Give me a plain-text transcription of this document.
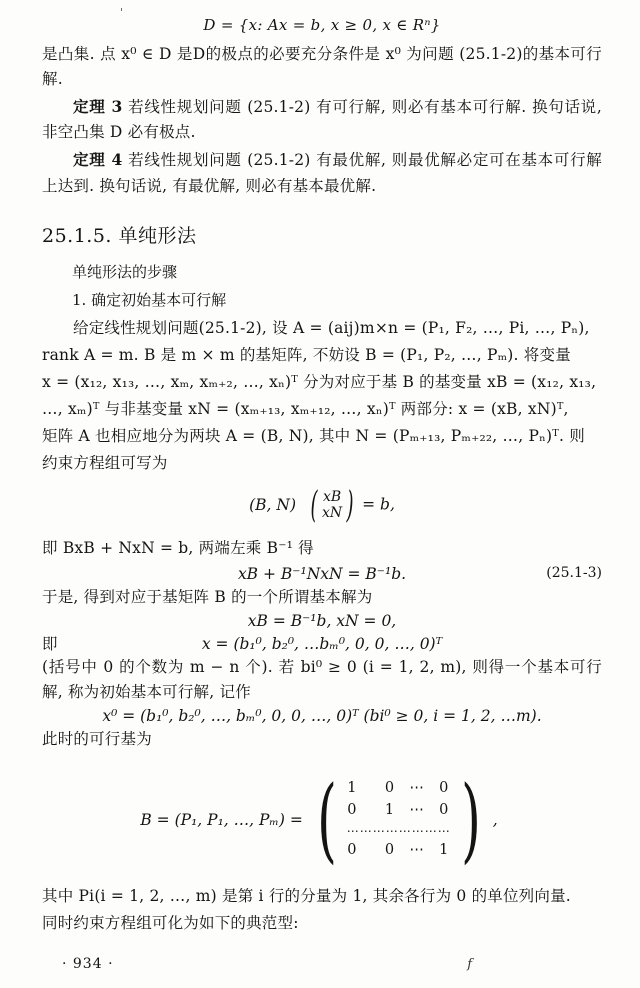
'
D = {x: Ax = b, x ≥ 0, x ∈ Rⁿ}

是凸集. 点 x⁰ ∈ D 是D的极点的必要充分条件是 x⁰ 为问题 (25.1-2)的基本可行解.

定理 3 若线性规划问题 (25.1-2) 有可行解, 则必有基本可行解. 换句话说, 非空凸集 D 必有极点.

定理 4 若线性规划问题 (25.1-2) 有最优解, 则最优解必定可在基本可行解上达到. 换句话说, 有最优解, 则必有基本最优解.

25.1.5. 单纯形法

单纯形法的步骤

1. 确定初始基本可行解

给定线性规划问题(25.1-2), 设 A = (aij)m×n = (P₁, F₂, …, Pi, …, Pₙ),

rank A = m. B 是 m × m 的基矩阵, 不妨设 B = (P₁, P₂, …, Pₘ). 将变量

x = (x₁₂, x₁₃, …, xₘ, xₘ₊₂, …, xₙ)ᵀ 分为对应于基 B 的基变量 xB = (x₁₂, x₁₃,

…, xₘ)ᵀ 与非基变量 xN = (xₘ₊₁₃, xₘ₊₁₂, …, xₙ)ᵀ 两部分: x = (xB, xN)ᵀ,

矩阵 A 也相应地分为两块 A = (B, N), 其中 N = (Pₘ₊₁₃, Pₘ₊₂₂, …, Pₙ)ᵀ. 则

约束方程组可写为

(B, N) ( xB
xN ) = b,

即 BxB + NxN = b, 两端左乘 B⁻¹ 得

xB + B⁻¹NxN = B⁻¹b.	(25.1-3)

于是, 得到对应于基矩阵 B 的一个所谓基本解为

xB = B⁻¹b, xN = 0,

即	x = (b₁⁰, b₂⁰, …bₘ⁰, 0, 0, …, 0)ᵀ

(括号中 0 的个数为 m − n 个). 若 bi⁰ ≥ 0 (i = 1, 2, m), 则得一个基本可行解, 称为初始基本可行解, 记作

x⁰ = (b₁⁰, b₂⁰, …, bₘ⁰, 0, 0, …, 0)ᵀ (bi⁰ ≥ 0, i = 1, 2, …m).

此时的可行基为

B = (P₁, P₁, …, Pₘ) = ( 1    0  ⋯  0
0    1  ⋯  0
⋯⋯⋯⋯⋯⋯⋯⋯
0    0  ⋯  1 ) ,

其中 Pi(i = 1, 2, …, m) 是第 i 行的分量为 1, 其余各行为 0 的单位列向量.

同时约束方程组可化为如下的典范型:

· 934 ·	f
